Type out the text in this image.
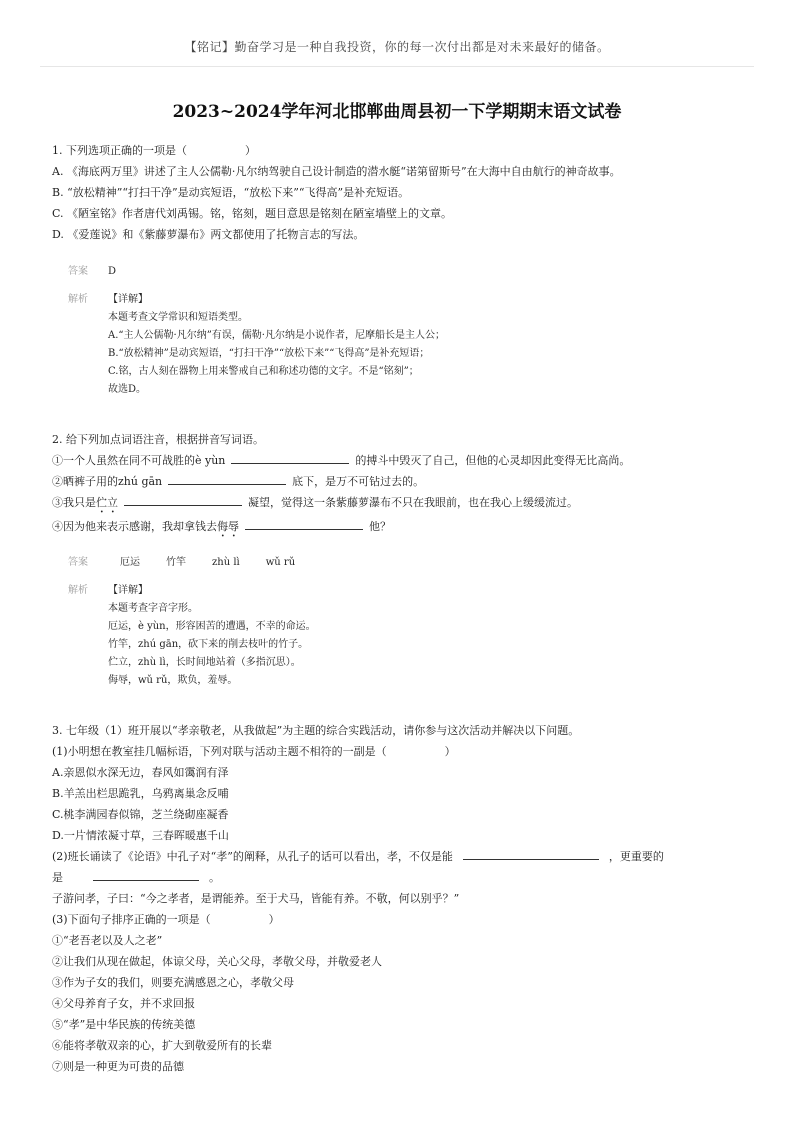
【铭记】勤奋学习是一种自我投资，你的每一次付出都是对未来最好的储备。
2023~2024学年河北邯郸曲周县初一下学期期末语文试卷
1. 下列选项正确的一项是（	）
A. 《海底两万里》讲述了主人公儒勒·凡尔纳驾驶自己设计制造的潜水艇“诺第留斯号”在大海中自由航行的神奇故事。
B. “放松精神”“打扫干净”是动宾短语，“放松下来”“飞得高”是补充短语。
C. 《陋室铭》作者唐代刘禹锡。铭，铭刻，题目意思是铭刻在陋室墙壁上的文章。
D. 《爱莲说》和《紫藤萝瀑布》两文都使用了托物言志的写法。
答案	D
解析	【详解】
本题考查文学常识和短语类型。
A.“主人公儒勒·凡尔纳”有误，儒勒·凡尔纳是小说作者，尼摩船长是主人公；
B.“放松精神”是动宾短语，“打扫干净”“放松下来”“飞得高”是补充短语；
C.铭，古人刻在器物上用来警戒自己和称述功德的文字。不是“铭刻”；
故选D。
2. 给下列加点词语注音，根据拼音写词语。
①一个人虽然在同不可战胜的è yùn	的搏斗中毁灭了自己，但他的心灵却因此变得无比高尚。
②晒裤子用的zhú gān	底下，是万不可钻过去的。
③我只是伫立	凝望，觉得这一条紫藤萝瀑布不只在我眼前，也在我心上缓缓流过。
④因为他来表示感谢，我却拿钱去侮辱	他？
答案	厄运	竹竿	zhù lì	wǔ rǔ
解析	【详解】
本题考查字音字形。
厄运，è yùn，形容困苦的遭遇，不幸的命运。
竹竿，zhú gān，砍下来的削去枝叶的竹子。
伫立，zhù lì，长时间地站着（多指沉思）。
侮辱，wǔ rǔ，欺负，羞辱。
3. 七年级（1）班开展以“孝亲敬老，从我做起”为主题的综合实践活动，请你参与这次活动并解决以下问题。
(1)小明想在教室挂几幅标语，下列对联与活动主题不相符的一副是（	）
A.亲恩似水深无边，春风如霭润有泽
B.羊羔出栏思跪乳，乌鸦离巢念反哺
C.桃李满园春似锦，芝兰绕砌座凝香
D.一片情浓凝寸草，三春晖暖惠千山
(2)班长诵读了《论语》中孔子对“孝”的阐释，从孔子的话可以看出，孝，不仅是能	，更重要的
是	。
子游问孝，子曰：“今之孝者，是谓能养。至于犬马，皆能有养。不敬，何以别乎？”
(3)下面句子排序正确的一项是（	）
①“老吾老以及人之老”
②让我们从现在做起，体谅父母，关心父母，孝敬父母，并敬爱老人
③作为子女的我们，则要充满感恩之心，孝敬父母
④父母养育子女，并不求回报
⑤“孝”是中华民族的传统美德
⑥能将孝敬双亲的心，扩大到敬爱所有的长辈
⑦则是一种更为可贵的品德
